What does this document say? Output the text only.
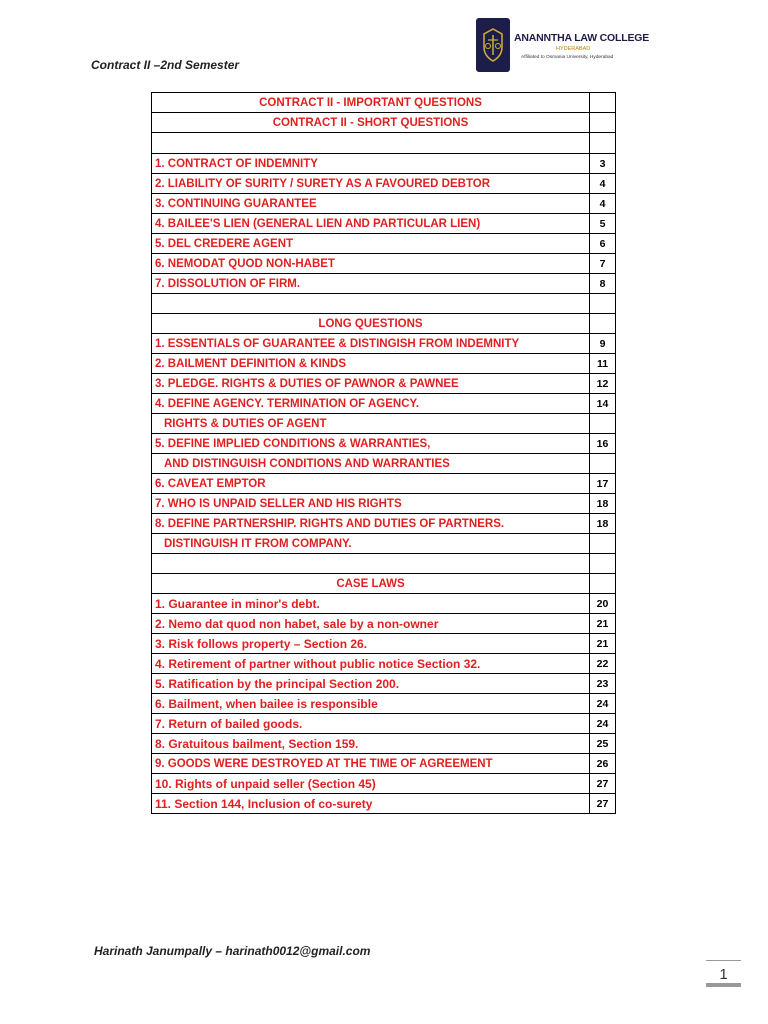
Contract II –2nd Semester
ANANNTHA LAW COLLEGE
HYDERABAD
Affiliated to Osmania University, Hyderabad
CONTRACT II - IMPORTANT QUESTIONS	
CONTRACT II - SHORT QUESTIONS	

1. CONTRACT OF INDEMNITY	3
2. LIABILITY OF SURITY / SURETY AS A FAVOURED DEBTOR	4
3. CONTINUING GUARANTEE	4
4. BAILEE'S LIEN (GENERAL LIEN AND PARTICULAR LIEN)	5
5. DEL CREDERE AGENT	6
6. NEMODAT QUOD NON-HABET	7
7. DISSOLUTION OF FIRM.	8

LONG QUESTIONS	
1. ESSENTIALS OF GUARANTEE & DISTINGISH FROM INDEMNITY	9
2. BAILMENT DEFINITION & KINDS	11
3. PLEDGE. RIGHTS & DUTIES OF PAWNOR & PAWNEE	12
4. DEFINE AGENCY. TERMINATION OF AGENCY.	14
RIGHTS & DUTIES OF AGENT	
5. DEFINE IMPLIED CONDITIONS & WARRANTIES,	16
AND DISTINGUISH CONDITIONS AND WARRANTIES	
6. CAVEAT EMPTOR	17
7. WHO IS UNPAID SELLER AND HIS RIGHTS	18
8. DEFINE PARTNERSHIP. RIGHTS AND DUTIES OF PARTNERS.	18
DISTINGUISH IT FROM COMPANY.	

CASE LAWS	
1. Guarantee in minor's debt.	20
2. Nemo dat quod non habet, sale by a non-owner	21
3. Risk follows property – Section 26.	21
4. Retirement of partner without public notice Section 32.	22
5. Ratification by the principal Section 200.	23
6. Bailment, when bailee is responsible	24
7. Return of bailed goods.	24
8. Gratuitous bailment, Section 159.	25
9. GOODS WERE DESTROYED AT THE TIME OF AGREEMENT	26
10. Rights of unpaid seller (Section 45)	27
11. Section 144, Inclusion of co-surety	27
Harinath Janumpally – harinath0012@gmail.com
1
